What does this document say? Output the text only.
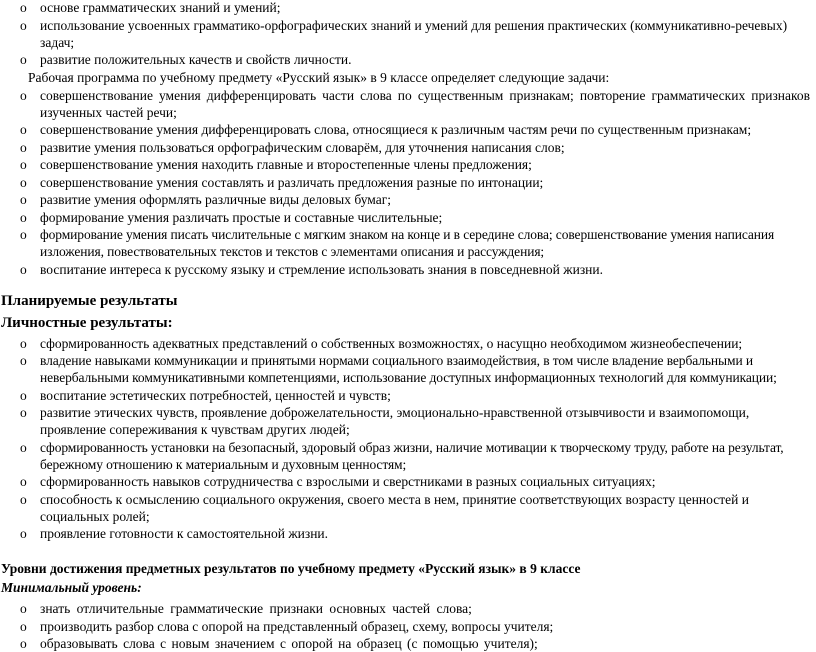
o основе грамматических знаний и умений;
o использование усвоенных грамматико-орфографических знаний и умений для решения практических (коммуникативно-речевых) задач;
o развитие положительных качеств и свойств личности.
Рабочая программа по учебному предмету «Русский язык» в 9 классе определяет следующие задачи:
o совершенствование умения дифференцировать части слова по существенным признакам; повторение грамматических признаков изученных частей речи;
o совершенствование умения дифференцировать слова, относящиеся к различным частям речи по существенным признакам;
o развитие умения пользоваться орфографическим словарём, для уточнения написания слов;
o совершенствование умения находить главные и второстепенные члены предложения;
o совершенствование умения составлять и различать предложения разные по интонации;
o развитие умения оформлять различные виды деловых бумаг;
o формирование умения различать простые и составные числительные;
o формирование умения писать числительные с мягким знаком на конце и в середине слова; совершенствование умения написания изложения, повествовательных текстов и текстов с элементами описания и рассуждения;
o воспитание интереса к русскому языку и стремление использовать знания в повседневной жизни.
Планируемые результаты
Личностные результаты:
o сформированность адекватных представлений о собственных возможностях, о насущно необходимом жизнеобеспечении;
o владение навыками коммуникации и принятыми нормами социального взаимодействия, в том числе владение вербальными и невербальными коммуникативными компетенциями, использование доступных информационных технологий для коммуникации;
o воспитание эстетических потребностей, ценностей и чувств;
o развитие этических чувств, проявление доброжелательности, эмоционально-нравственной отзывчивости и взаимопомощи, проявление сопереживания к чувствам других людей;
o сформированность установки на безопасный, здоровый образ жизни, наличие мотивации к творческому труду, работе на результат, бережному отношению к материальным и духовным ценностям;
o сформированность навыков сотрудничества с взрослыми и сверстниками в разных социальных ситуациях;
o способность к осмыслению социального окружения, своего места в нем, принятие соответствующих возрасту ценностей и социальных ролей;
o проявление готовности к самостоятельной жизни.
Уровни достижения предметных результатов по учебному предмету «Русский язык» в 9 классе
Минимальный уровень:
o знать отличительные грамматические признаки основных частей слова;
o производить разбор слова с опорой на представленный образец, схему, вопросы учителя;
o образовывать слова с новым значением с опорой на образец (с помощью учителя);
